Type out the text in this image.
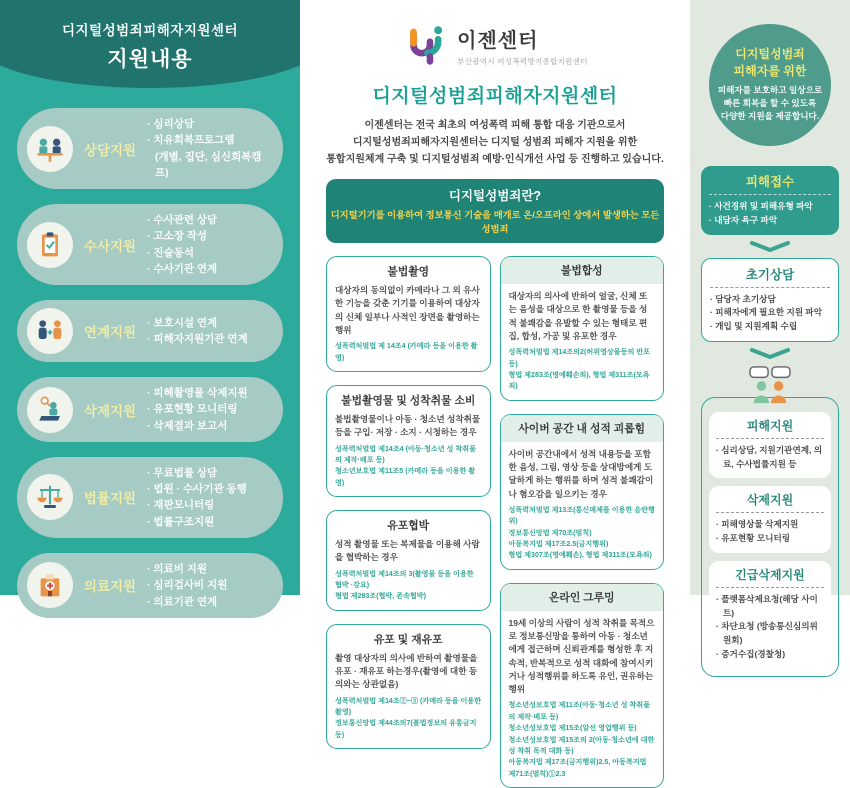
디지털성범죄피해자지원센터
지원내용
상담지원
· 심리상담
· 치유회복프로그램
(개별, 집단, 심신회복캠프)
수사지원
· 수사관련 상담
· 고소장 작성
· 진술동석
· 수사기관 연계
연계지원
· 보호시설 연계
· 피해자지원기관 연계
삭제지원
· 피해촬영물 삭제지원
· 유포현황 모니터링
· 삭제결과 보고서
법률지원
· 무료법률 상담
· 법원 · 수사기관 동행
· 재판모니터링
· 법률구조지원
의료지원
· 의료비 지원
· 심리검사비 지원
· 의료기관 연계
이젠센터
부산광역시 여성폭력방지종합지원센터
디지털성범죄피해자지원센터

이젠센터는 전국 최초의 여성폭력 피해 통합 대응 기관으로서
디지털성범죄피해자지원센터는 디지털 성범죄 피해자 지원을 위한
통합지원체계 구축 및 디지털성범죄 예방·인식개선 사업 등 진행하고 있습니다.

디지털성범죄란?
디지털기기를 이용하여 정보통신 기술을 매개로 온/오프라인 상에서 발생하는 모든 성범죄
불법촬영
대상자의 동의없이 카메라나 그 외 유사한 기능을 갖춘 기기를 이용하여 대상자의 신체 일부나 사적인 장면을 촬영하는 행위
성폭력처벌법 제 14조4 (카메라 등을 이용한 촬영)
불법촬영물 및 성착취물 소비
불법촬영물이나 아동 · 청소년 성착취물 등을 구입· 저장 · 소지 · 시청하는 경우
성폭력처벌법 제14조4 (아동·청소년 성 착취물의 제작·배포 등)
청소년보호법 제11조5 (카메라 등을 이용한 촬영)
유포협박
성적 촬영물 또는 복제물을 이용해 사람을 협박하는 경우
성폭력처벌법 제14조의 3(촬영물 등을 이용한 협박 ·강요)
형법 제283조(협박, 존속협박)
유포 및 재유포
촬영 대상자의 의사에 반하여 촬영물을 유포 · 재유포 하는경우(촬영에 대한 동의와는 상관없음)
성폭력처벌법 제14조②~③ (카메라 등을 이용한 촬영)
정보통신망법 제44조의7(불법정보의 유통금지 등)
불법합성
대상자의 의사에 반하여 얼굴, 신체 또는 음성을 대상으로 한 촬영물 등을 성적 불쾌감을 유발할 수 있는 형태로 편집, 합성, 가공 및 유포한 경우
성폭력처벌법 제14조의2(허위영상물등의 반포 등)
형법 제283조(명예훼손죄), 형법 제311조(모욕죄)
사이버 공간 내 성적 괴롭힘
사이버 공간내에서 성적 내용등을 포함한 음성, 그림, 영상 등을 상대방에게 도달하게 하는 행위를 하며 성적 불쾌감이나 혐오감을 일으키는 경우
성폭력처벌법 제13조(통신매체를 이용한 음란행위)
정보통신망법 제70조(벌칙)
아동복지법 제17조2.5(금지행위)
형법 제307조(명예훼손), 형법 제311조(모욕죄)
온라인 그루밍
19세 이상의 사람이 성적 착취를 목적으로 정보통신망을 통하여 아동 · 청소년에게 접근하며 신뢰관계를 형성한 후 지속적, 반복적으로 성적 대화에 참여시키거나 성적행위를 하도록 유인, 권유하는 행위
청소년성보호법 제11조(아동·청소년 성 착취물의 제작·배포 등)
청소년성보호법 제15조(알선 영업행위 등)
청소년성보호법 제15조의 2(아동·청소년에 대한 성 착취 목적 대화 등)
아동복지법 제17조(금지행위)2.5, 아동복지법 제71조(벌칙)①2.3
디지털성범죄
피해자를 위한
피해자를 보호하고 일상으로
빠른 회복을 할 수 있도록
다양한 지원을 제공합니다.
피해접수
· 사건경위 및 피해유형 파악
· 내담자 욕구 파악
초기상담
· 담당자 초기상담
· 피해자에게 필요한 지원 파악
· 개입 및 지원계획 수립
피해지원
· 심리상담, 지원기관연계, 의료, 수사법률지원 등
삭제지원
· 피해영상물 삭제지원
· 유포현황 모니터링
긴급삭제지원
· 플랫폼삭제요청(해당 사이트)
· 차단요청 (방송통신심의위원회)
· 증거수집(경찰청)
